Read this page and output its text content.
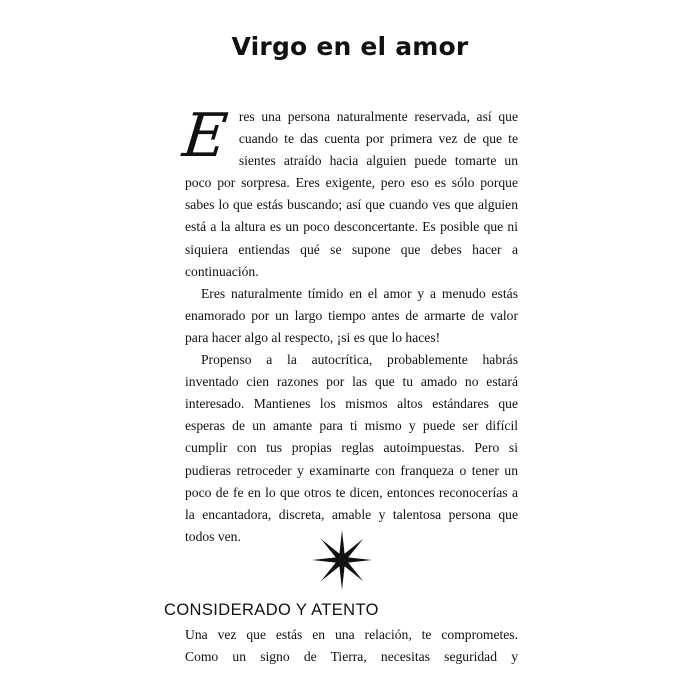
Virgo en el amor

Eres una persona naturalmente reservada, así que cuando te das cuenta por primera vez de que te sientes atraído hacia alguien puede tomarte un poco por sorpresa. Eres exigente, pero eso es sólo porque sabes lo que estás buscando; así que cuando ves que alguien está a la altura es un poco desconcertante. Es posible que ni siquiera entiendas qué se supone que debes hacer a continuación.

Eres naturalmente tímido en el amor y a menudo estás enamorado por un largo tiempo antes de armarte de valor para hacer algo al respecto, ¡si es que lo haces!

Propenso a la autocrítica, probablemente habrás inventado cien razones por las que tu amado no estará interesado. Mantienes los mismos altos estándares que esperas de un amante para ti mismo y puede ser difícil cumplir con tus propias reglas autoimpuestas. Pero si pudieras retroceder y examinarte con franqueza o tener un poco de fe en lo que otros te dicen, entonces reconocerías a la encantadora, discreta, amable y talentosa persona que todos ven.

CONSIDERADO Y ATENTO
Una vez que estás en una relación, te comprometes.
Como un signo de Tierra, necesitas seguridad y
